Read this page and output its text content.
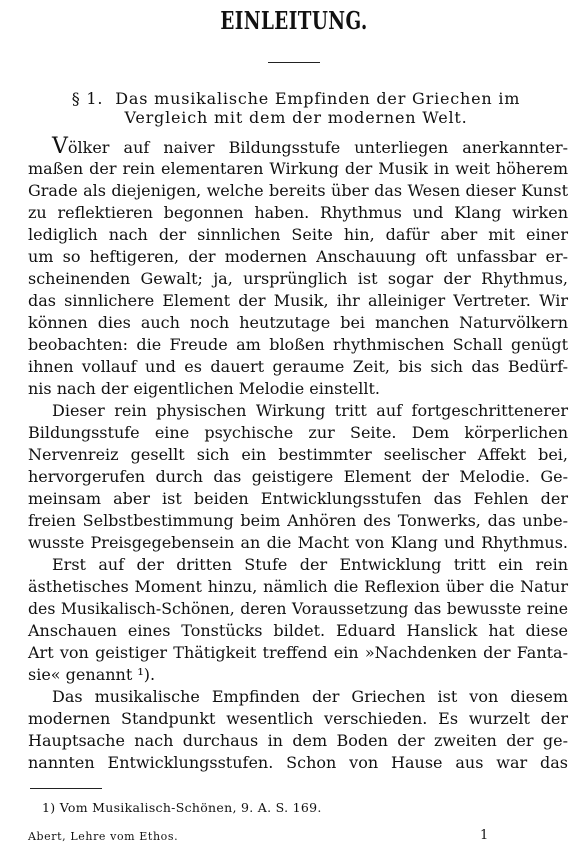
EINLEITUNG.
§ 1. Das musikalische Empfinden der Griechen im
Vergleich mit dem der modernen Welt.
Völker auf naiver Bildungsstufe unterliegen anerkannter-
maßen der rein elementaren Wirkung der Musik in weit höherem
Grade als diejenigen, welche bereits über das Wesen dieser Kunst
zu reflektieren begonnen haben. Rhythmus und Klang wirken
lediglich nach der sinnlichen Seite hin, dafür aber mit einer
um so heftigeren, der modernen Anschauung oft unfassbar er-
scheinenden Gewalt; ja, ursprünglich ist sogar der Rhythmus,
das sinnlichere Element der Musik, ihr alleiniger Vertreter. Wir
können dies auch noch heutzutage bei manchen Naturvölkern
beobachten: die Freude am bloßen rhythmischen Schall genügt
ihnen vollauf und es dauert geraume Zeit, bis sich das Bedürf-
nis nach der eigentlichen Melodie einstellt.
Dieser rein physischen Wirkung tritt auf fortgeschrittenerer
Bildungsstufe eine psychische zur Seite. Dem körperlichen
Nervenreiz gesellt sich ein bestimmter seelischer Affekt bei,
hervorgerufen durch das geistigere Element der Melodie. Ge-
meinsam aber ist beiden Entwicklungsstufen das Fehlen der
freien Selbstbestimmung beim Anhören des Tonwerks, das unbe-
wusste Preisgegebensein an die Macht von Klang und Rhythmus.
Erst auf der dritten Stufe der Entwicklung tritt ein rein
ästhetisches Moment hinzu, nämlich die Reflexion über die Natur
des Musikalisch-Schönen, deren Voraussetzung das bewusste reine
Anschauen eines Tonstücks bildet. Eduard Hanslick hat diese
Art von geistiger Thätigkeit treffend ein »Nachdenken der Fanta-
sie« genannt ¹).
Das musikalische Empfinden der Griechen ist von diesem
modernen Standpunkt wesentlich verschieden. Es wurzelt der
Hauptsache nach durchaus in dem Boden der zweiten der ge-
nannten Entwicklungsstufen. Schon von Hause aus war das
1) Vom Musikalisch-Schönen, 9. A. S. 169.
Abert, Lehre vom Ethos.	1
